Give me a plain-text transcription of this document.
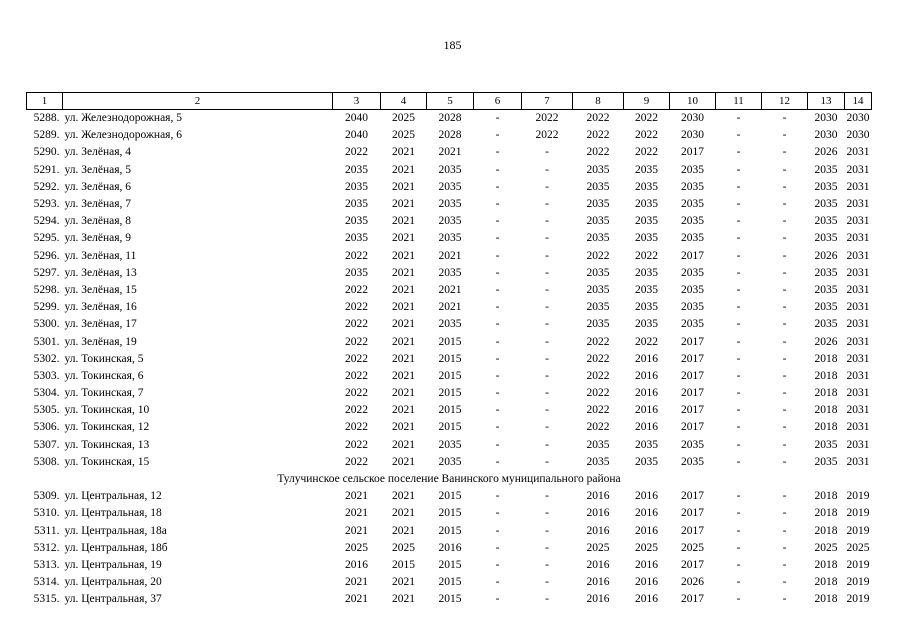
185
1	2	3	4	5	6	7	8	9	10	11	12	13	14
5288.	ул. Железнодорожная, 5	2040	2025	2028	-	2022	2022	2022	2030	-	-	2030	2030
5289.	ул. Железнодорожная, 6	2040	2025	2028	-	2022	2022	2022	2030	-	-	2030	2030
5290.	ул. Зелёная, 4	2022	2021	2021	-	-	2022	2022	2017	-	-	2026	2031
5291.	ул. Зелёная, 5	2035	2021	2035	-	-	2035	2035	2035	-	-	2035	2031
5292.	ул. Зелёная, 6	2035	2021	2035	-	-	2035	2035	2035	-	-	2035	2031
5293.	ул. Зелёная, 7	2035	2021	2035	-	-	2035	2035	2035	-	-	2035	2031
5294.	ул. Зелёная, 8	2035	2021	2035	-	-	2035	2035	2035	-	-	2035	2031
5295.	ул. Зелёная, 9	2035	2021	2035	-	-	2035	2035	2035	-	-	2035	2031
5296.	ул. Зелёная, 11	2022	2021	2021	-	-	2022	2022	2017	-	-	2026	2031
5297.	ул. Зелёная, 13	2035	2021	2035	-	-	2035	2035	2035	-	-	2035	2031
5298.	ул. Зелёная, 15	2022	2021	2021	-	-	2035	2035	2035	-	-	2035	2031
5299.	ул. Зелёная, 16	2022	2021	2021	-	-	2035	2035	2035	-	-	2035	2031
5300.	ул. Зелёная, 17	2022	2021	2035	-	-	2035	2035	2035	-	-	2035	2031
5301.	ул. Зелёная, 19	2022	2021	2015	-	-	2022	2022	2017	-	-	2026	2031
5302.	ул. Токинская, 5	2022	2021	2015	-	-	2022	2016	2017	-	-	2018	2031
5303.	ул. Токинская, 6	2022	2021	2015	-	-	2022	2016	2017	-	-	2018	2031
5304.	ул. Токинская, 7	2022	2021	2015	-	-	2022	2016	2017	-	-	2018	2031
5305.	ул. Токинская, 10	2022	2021	2015	-	-	2022	2016	2017	-	-	2018	2031
5306.	ул. Токинская, 12	2022	2021	2015	-	-	2022	2016	2017	-	-	2018	2031
5307.	ул. Токинская, 13	2022	2021	2035	-	-	2035	2035	2035	-	-	2035	2031
5308.	ул. Токинская, 15	2022	2021	2035	-	-	2035	2035	2035	-	-	2035	2031
Тулучинское сельское поселение Ванинского муниципального района													
5309.	ул. Центральная, 12	2021	2021	2015	-	-	2016	2016	2017	-	-	2018	2019
5310.	ул. Центральная, 18	2021	2021	2015	-	-	2016	2016	2017	-	-	2018	2019
5311.	ул. Центральная, 18а	2021	2021	2015	-	-	2016	2016	2017	-	-	2018	2019
5312.	ул. Центральная, 18б	2025	2025	2016	-	-	2025	2025	2025	-	-	2025	2025
5313.	ул. Центральная, 19	2016	2015	2015	-	-	2016	2016	2017	-	-	2018	2019
5314.	ул. Центральная, 20	2021	2021	2015	-	-	2016	2016	2026	-	-	2018	2019
5315.	ул. Центральная, 37	2021	2021	2015	-	-	2016	2016	2017	-	-	2018	2019
